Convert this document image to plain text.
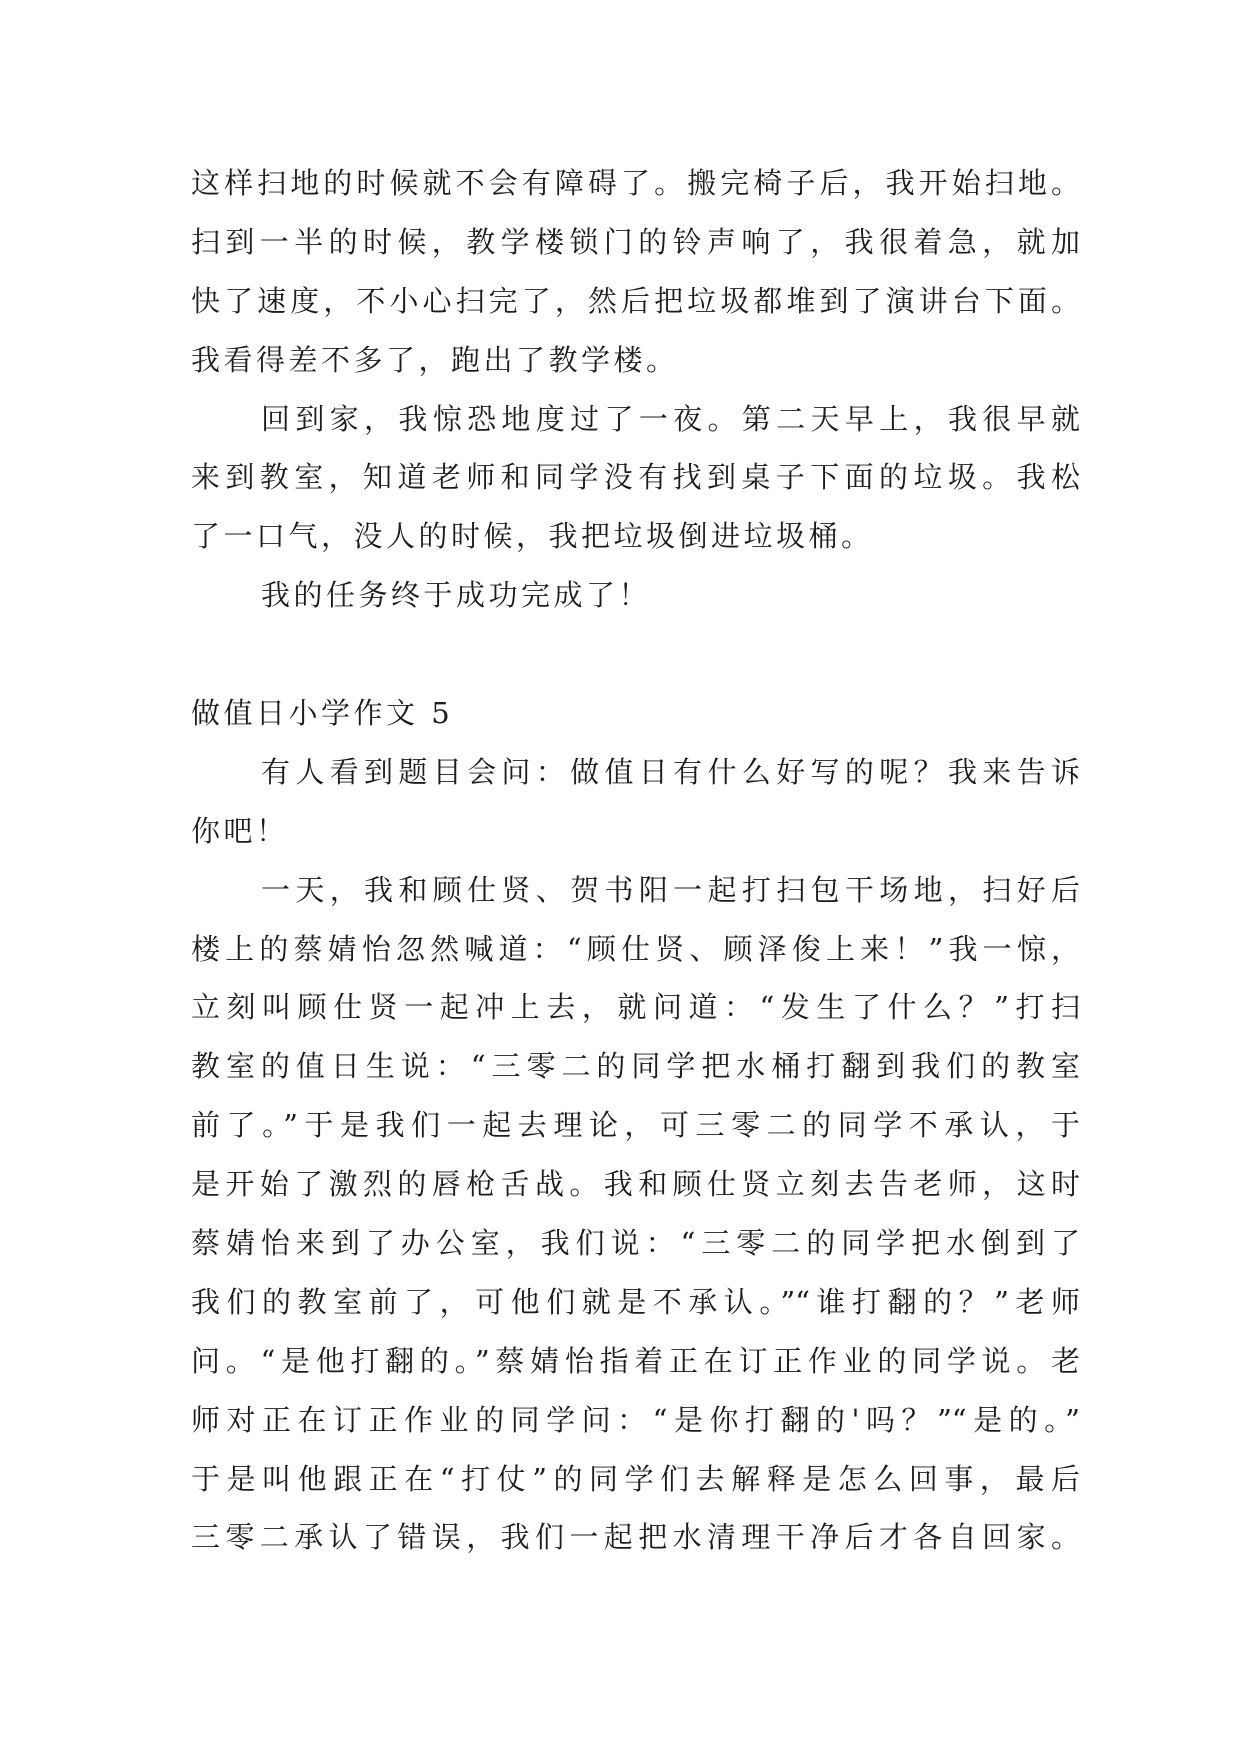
这样扫地的时候就不会有障碍了。搬完椅子后，我开始扫地。
扫到一半的时候，教学楼锁门的铃声响了，我很着急，就加
快了速度，不小心扫完了，然后把垃圾都堆到了演讲台下面。
我看得差不多了，跑出了教学楼。
回到家，我惊恐地度过了一夜。第二天早上，我很早就
来到教室，知道老师和同学没有找到桌子下面的垃圾。我松
了一口气，没人的时候，我把垃圾倒进垃圾桶。
我的任务终于成功完成了！
做值日小学作文 5
有人看到题目会问：做值日有什么好写的呢？我来告诉
你吧！
一天，我和顾仕贤、贺书阳一起打扫包干场地，扫好后
楼上的蔡婧怡忽然喊道：“顾仕贤、顾泽俊上来！”我一惊，
立刻叫顾仕贤一起冲上去，就问道：“发生了什么？”打扫
教室的值日生说：“三零二的同学把水桶打翻到我们的教室
前了。”于是我们一起去理论，可三零二的同学不承认，于
是开始了激烈的唇枪舌战。我和顾仕贤立刻去告老师，这时
蔡婧怡来到了办公室，我们说：“三零二的同学把水倒到了
我们的教室前了，可他们就是不承认。”“谁打翻的？”老师
问。“是他打翻的。”蔡婧怡指着正在订正作业的同学说。老
师对正在订正作业的同学问：“是你打翻的'吗？”“是的。”
于是叫他跟正在“打仗”的同学们去解释是怎么回事，最后
三零二承认了错误，我们一起把水清理干净后才各自回家。
